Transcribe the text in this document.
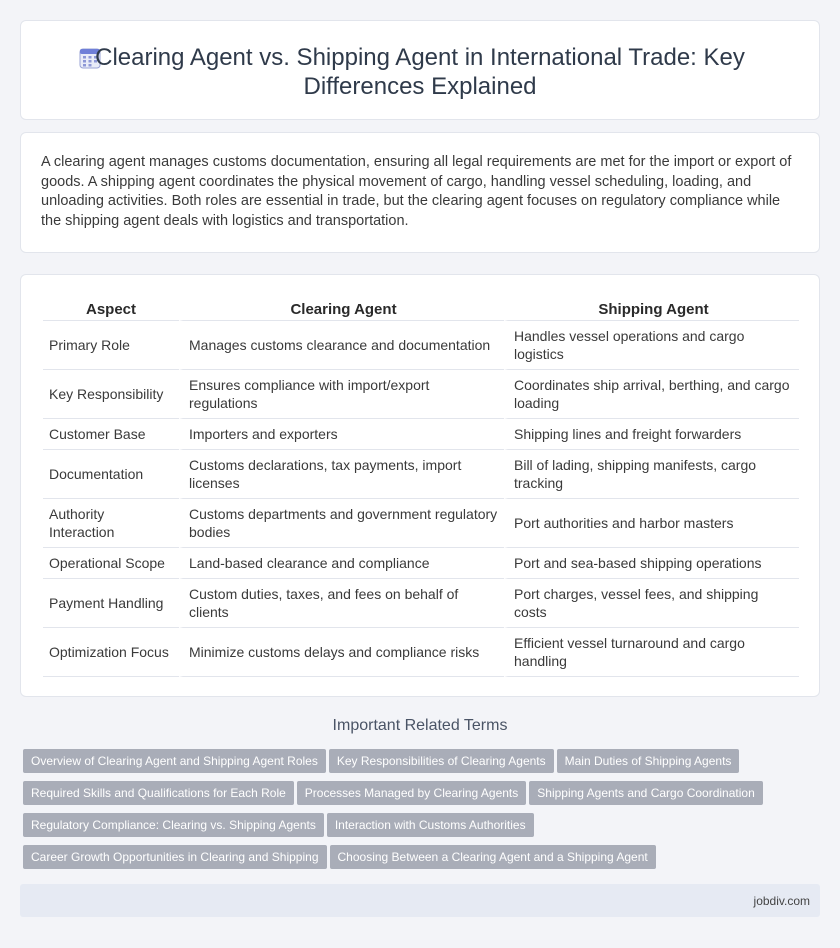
Clearing Agent vs. Shipping Agent in International Trade: Key Differences Explained

A clearing agent manages customs documentation, ensuring all legal requirements are met for the import or export of goods. A shipping agent coordinates the physical movement of cargo, handling vessel scheduling, loading, and unloading activities. Both roles are essential in trade, but the clearing agent focuses on regulatory compliance while the shipping agent deals with logistics and transportation.

Aspect	Clearing Agent	Shipping Agent
Primary Role	Manages customs clearance and documentation	Handles vessel operations and cargo logistics
Key Responsibility	Ensures compliance with import/export regulations	Coordinates ship arrival, berthing, and cargo loading
Customer Base	Importers and exporters	Shipping lines and freight forwarders
Documentation	Customs declarations, tax payments, import licenses	Bill of lading, shipping manifests, cargo tracking
Authority Interaction	Customs departments and government regulatory bodies	Port authorities and harbor masters
Operational Scope	Land-based clearance and compliance	Port and sea-based shipping operations
Payment Handling	Custom duties, taxes, and fees on behalf of clients	Port charges, vessel fees, and shipping costs
Optimization Focus	Minimize customs delays and compliance risks	Efficient vessel turnaround and cargo handling
Important Related Terms
Overview of Clearing Agent and Shipping Agent Roles Key Responsibilities of Clearing Agents Main Duties of Shipping Agents
Required Skills and Qualifications for Each Role Processes Managed by Clearing Agents Shipping Agents and Cargo Coordination
Regulatory Compliance: Clearing vs. Shipping Agents Interaction with Customs Authorities
Career Growth Opportunities in Clearing and Shipping Choosing Between a Clearing Agent and a Shipping Agent
jobdiv.com
